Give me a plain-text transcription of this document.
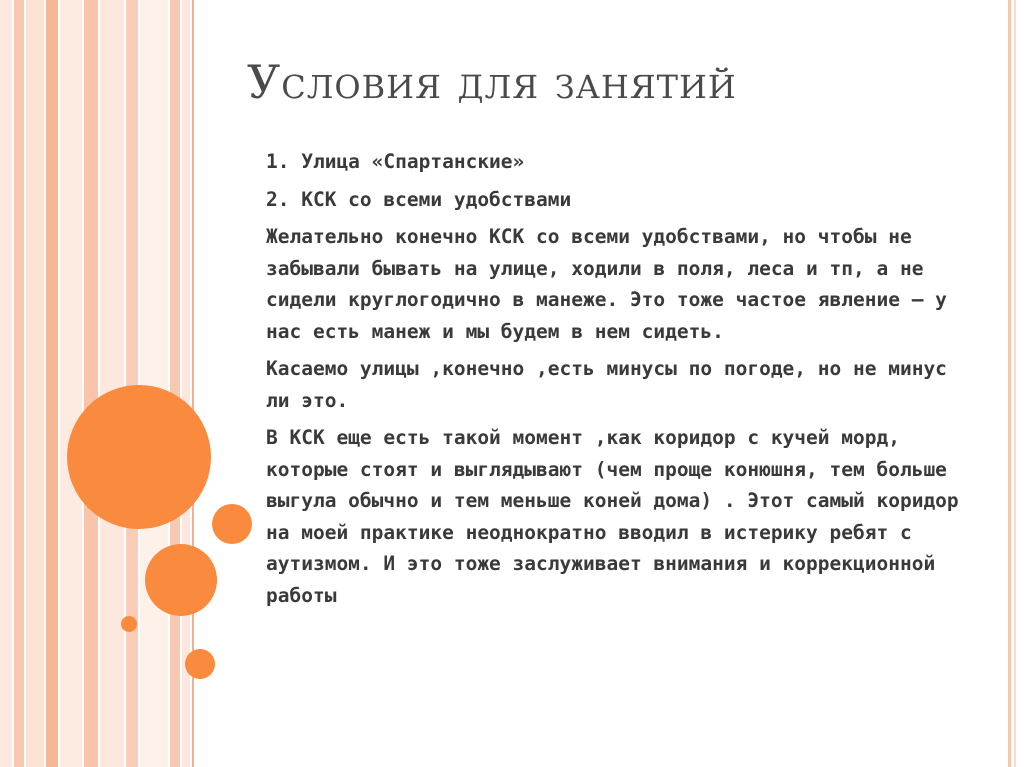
Условия для занятий

1. Улица «Спартанские»

2. КСК со всеми удобствами

Желательно конечно КСК со всеми удобствами, но чтобы не забывали бывать на улице, ходили в поля, леса и тп, а не сидели круглогодично в манеже. Это тоже частое явление – у нас есть манеж и мы будем в нем сидеть.

Касаемо улицы ,конечно ,есть минусы по погоде, но не минус ли это.

В КСК еще есть такой момент ,как коридор с кучей морд, которые стоят и выглядывают (чем проще конюшня, тем больше выгула обычно и тем меньше коней дома) . Этот самый коридор на моей практике неоднократно вводил в истерику ребят с аутизмом. И это тоже заслуживает внимания и коррекционной работы
